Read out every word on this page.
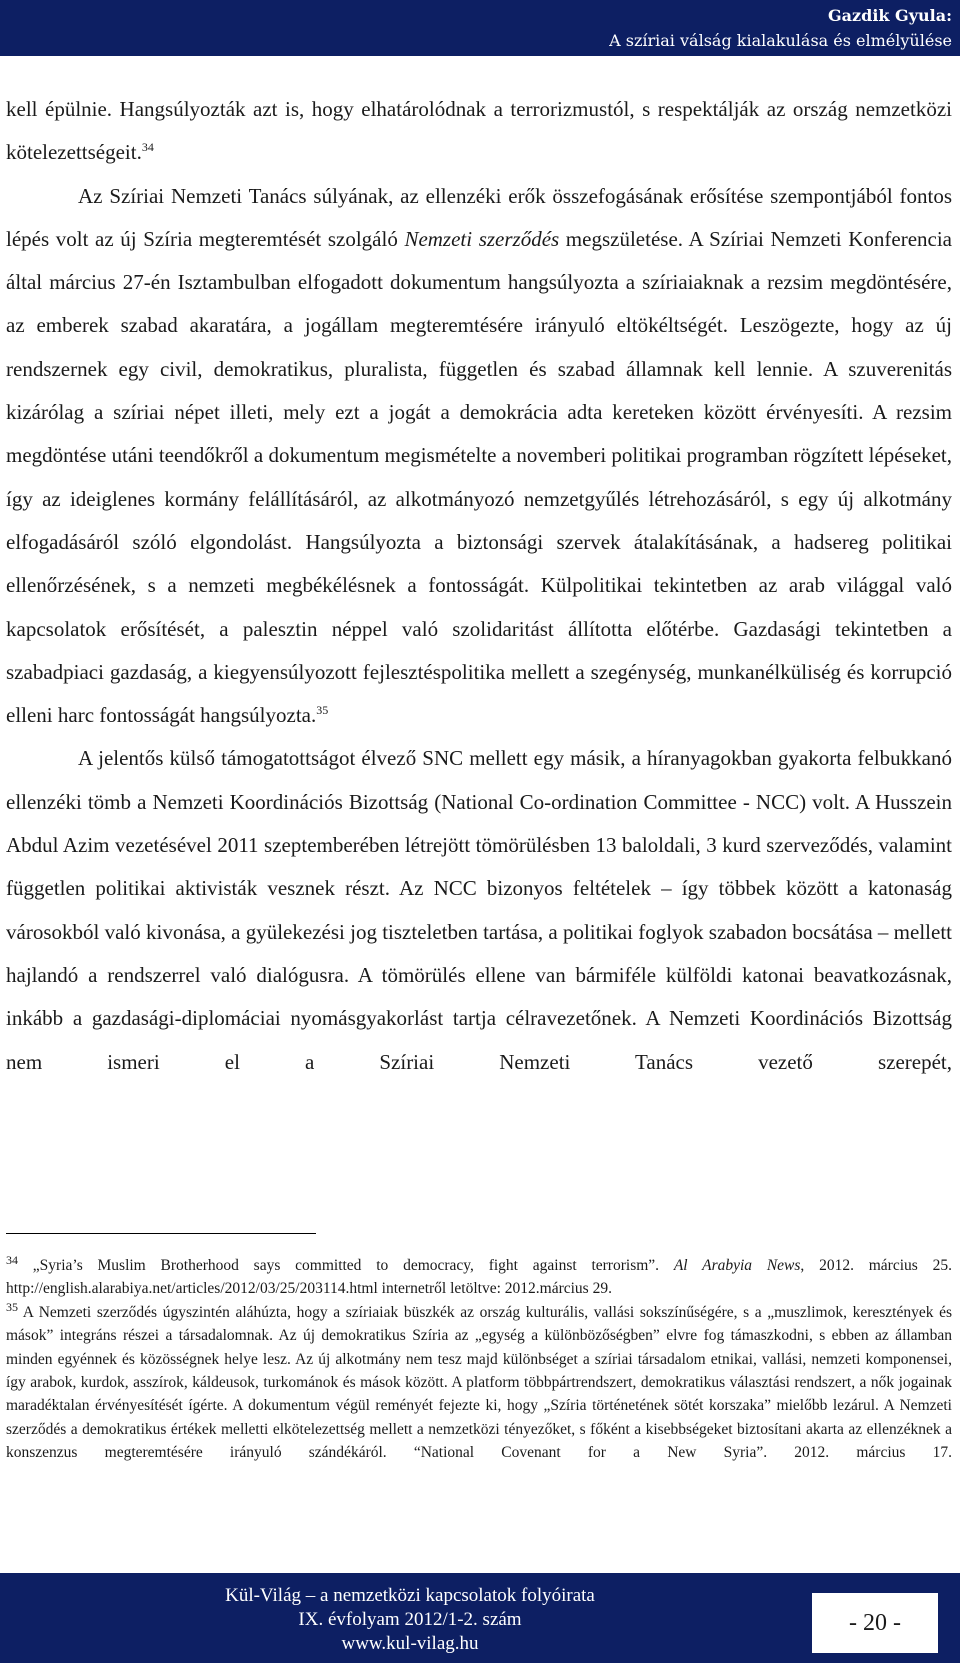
Gazdik Gyula:
A szíriai válság kialakulása és elmélyülése

kell épülnie. Hangsúlyozták azt is, hogy elhatárolódnak a terrorizmustól, s respektálják az ország nemzetközi kötelezettségeit.$^{34}$

Az Szíriai Nemzeti Tanács súlyának, az ellenzéki erők összefogásának erősítése szempontjából fontos lépés volt az új Szíria megteremtését szolgáló Nemzeti szerződés megszületése. A Szíriai Nemzeti Konferencia által március 27-én Isztambulban elfogadott dokumentum hangsúlyozta a szíriaiaknak a rezsim megdöntésére, az emberek szabad akaratára, a jogállam megteremtésére irányuló eltökéltségét. Leszögezte, hogy az új rendszernek egy civil, demokratikus, pluralista, független és szabad államnak kell lennie. A szuverenitás kizárólag a szíriai népet illeti, mely ezt a jogát a demokrácia adta kereteken között érvényesíti. A rezsim megdöntése utáni teendőkről a dokumentum megismételte a novemberi politikai programban rögzített lépéseket, így az ideiglenes kormány felállításáról, az alkotmányozó nemzetgyűlés létrehozásáról, s egy új alkotmány elfogadásáról szóló elgondolást. Hangsúlyozta a biztonsági szervek átalakításának, a hadsereg politikai ellenőrzésének, s a nemzeti megbékélésnek a fontosságát. Külpolitikai tekintetben az arab világgal való kapcsolatok erősítését, a palesztin néppel való szolidaritást állította előtérbe. Gazdasági tekintetben a szabadpiaci gazdaság, a kiegyensúlyozott fejlesztéspolitika mellett a szegénység, munkanélküliség és korrupció elleni harc fontosságát hangsúlyozta.$^{35}$

A jelentős külső támogatottságot élvező SNC mellett egy másik, a híranyagokban gyakorta felbukkanó ellenzéki tömb a Nemzeti Koordinációs Bizottság (National Co-ordination Committee - NCC) volt. A Husszein Abdul Azim vezetésével 2011 szeptemberében létrejött tömörülésben 13 baloldali, 3 kurd szerveződés, valamint független politikai aktivisták vesznek részt. Az NCC bizonyos feltételek – így többek között a katonaság városokból való kivonása, a gyülekezési jog tiszteletben tartása, a politikai foglyok szabadon bocsátása – mellett hajlandó a rendszerrel való dialógusra. A tömörülés ellene van bármiféle külföldi katonai beavatkozásnak, inkább a gazdasági-diplomáciai nyomásgyakorlást tartja célravezetőnek. A Nemzeti Koordinációs Bizottság nem ismeri el a Szíriai Nemzeti Tanács vezető szerepét,

$^{34}$ „Syria’s Muslim Brotherhood says committed to democracy, fight against terrorism”. Al Arabyia News, 2012. március 25. http://english.alarabiya.net/articles/2012/03/25/203114.html internetről letöltve: 2012.március 29.

$^{35}$ A Nemzeti szerződés úgyszintén aláhúzta, hogy a szíriaiak büszkék az ország kulturális, vallási sokszínűségére, s a „muszlimok, keresztények és mások” integráns részei a társadalomnak. Az új demokratikus Szíria az „egység a különbözőségben” elvre fog támaszkodni, s ebben az államban minden egyénnek és közösségnek helye lesz. Az új alkotmány nem tesz majd különbséget a szíriai társadalom etnikai, vallási, nemzeti komponensei, így arabok, kurdok, asszírok, káldeusok, turkománok és mások között. A platform többpártrendszert, demokratikus választási rendszert, a nők jogainak maradéktalan érvényesítését ígérte. A dokumentum végül reményét fejezte ki, hogy „Szíria történetének sötét korszaka” mielőbb lezárul. A Nemzeti szerződés a demokratikus értékek melletti elkötelezettség mellett a nemzetközi tényezőket, s főként a kisebbségeket biztosítani akarta az ellenzéknek a konszenzus megteremtésére irányuló szándékáról. “National Covenant for a New Syria”. 2012. március 17.

Kül-Világ – a nemzetközi kapcsolatok folyóirata
IX. évfolyam 2012/1-2. szám
www.kul-vilag.hu
- 20 -
